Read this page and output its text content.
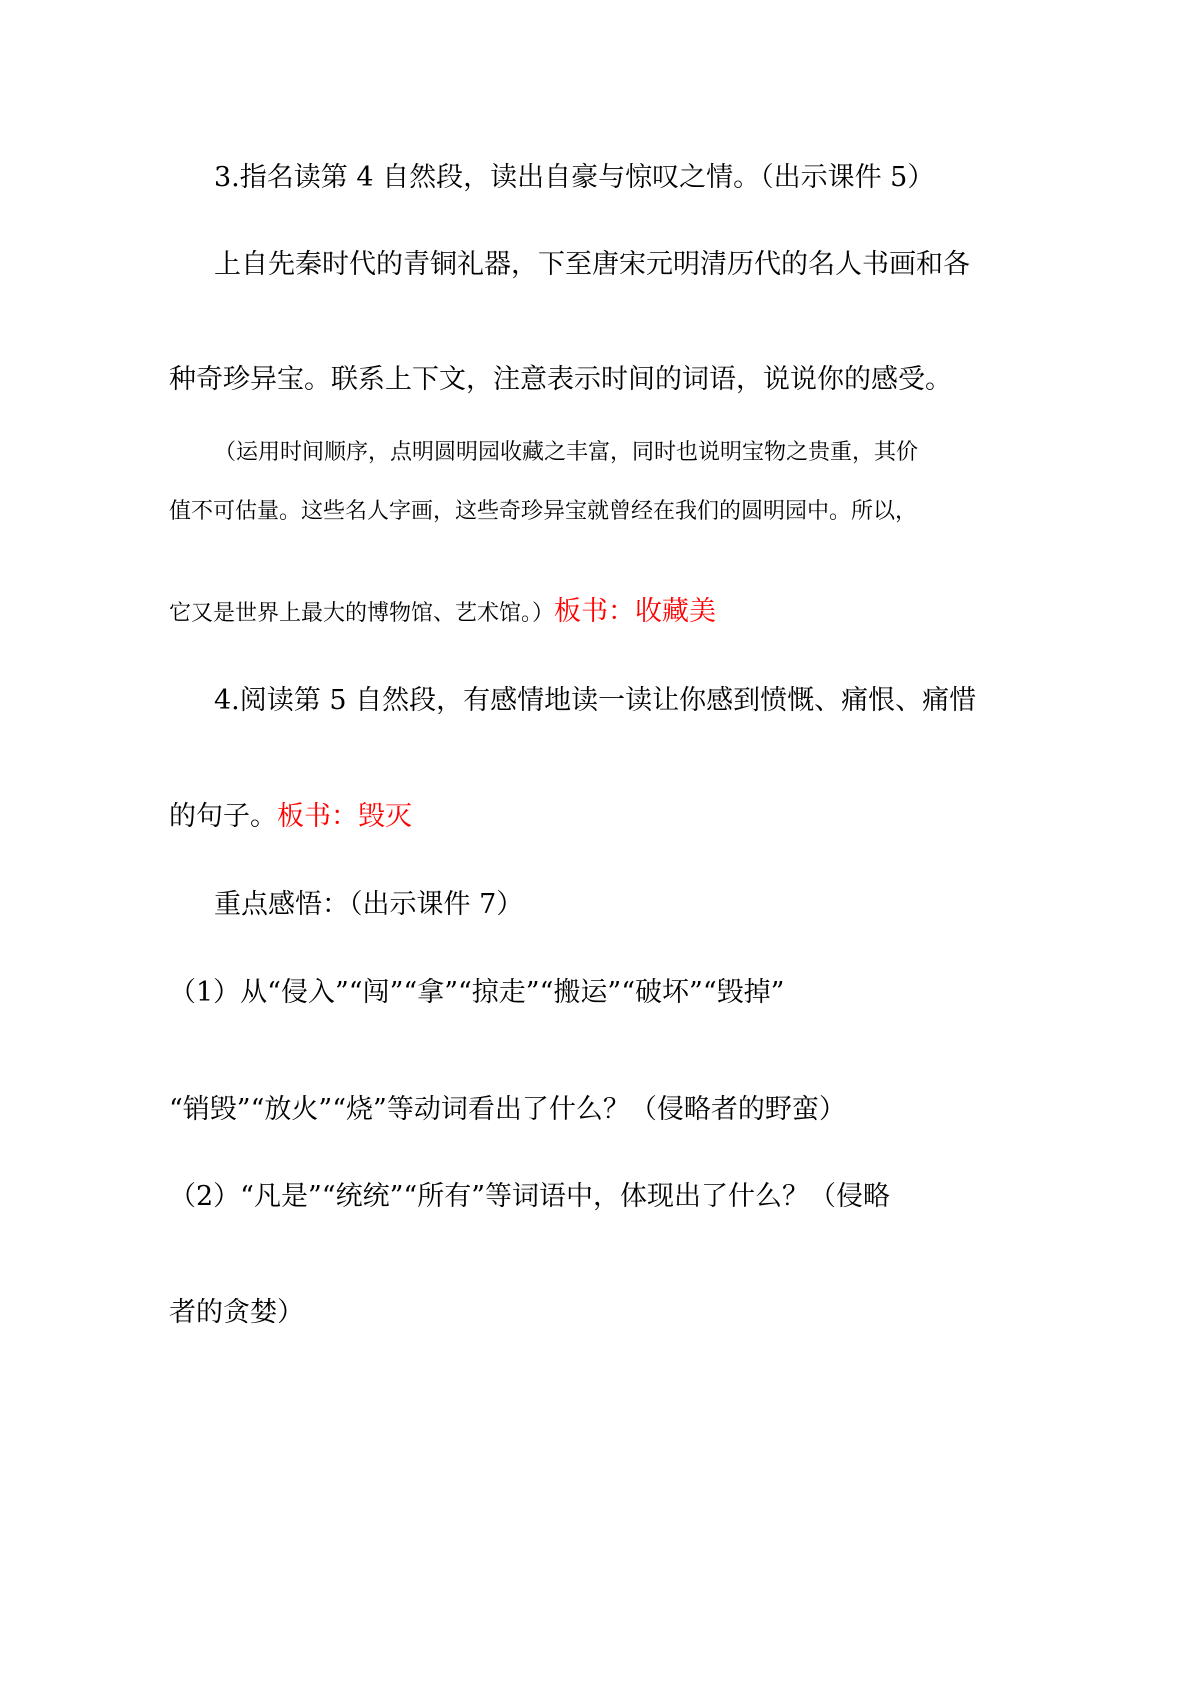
3.指名读第 4 自然段，读出自豪与惊叹之情。（出示课件 5）
上自先秦时代的青铜礼器，下至唐宋元明清历代的名人书画和各
种奇珍异宝。联系上下文，注意表示时间的词语，说说你的感受。
（运用时间顺序，点明圆明园收藏之丰富，同时也说明宝物之贵重，其价
值不可估量。这些名人字画，这些奇珍异宝就曾经在我们的圆明园中。所以，
它又是世界上最大的博物馆、艺术馆。）板书：收藏美
4.阅读第 5 自然段，有感情地读一读让你感到愤慨、痛恨、痛惜
的句子。板书：毁灭
重点感悟：（出示课件 7）
（1）从“侵入”“闯”“拿”“掠走”“搬运”“破坏”“毁掉”
“销毁”“放火”“烧”等动词看出了什么？（侵略者的野蛮）
（2）“凡是”“统统”“所有”等词语中，体现出了什么？（侵略
者的贪婪）
